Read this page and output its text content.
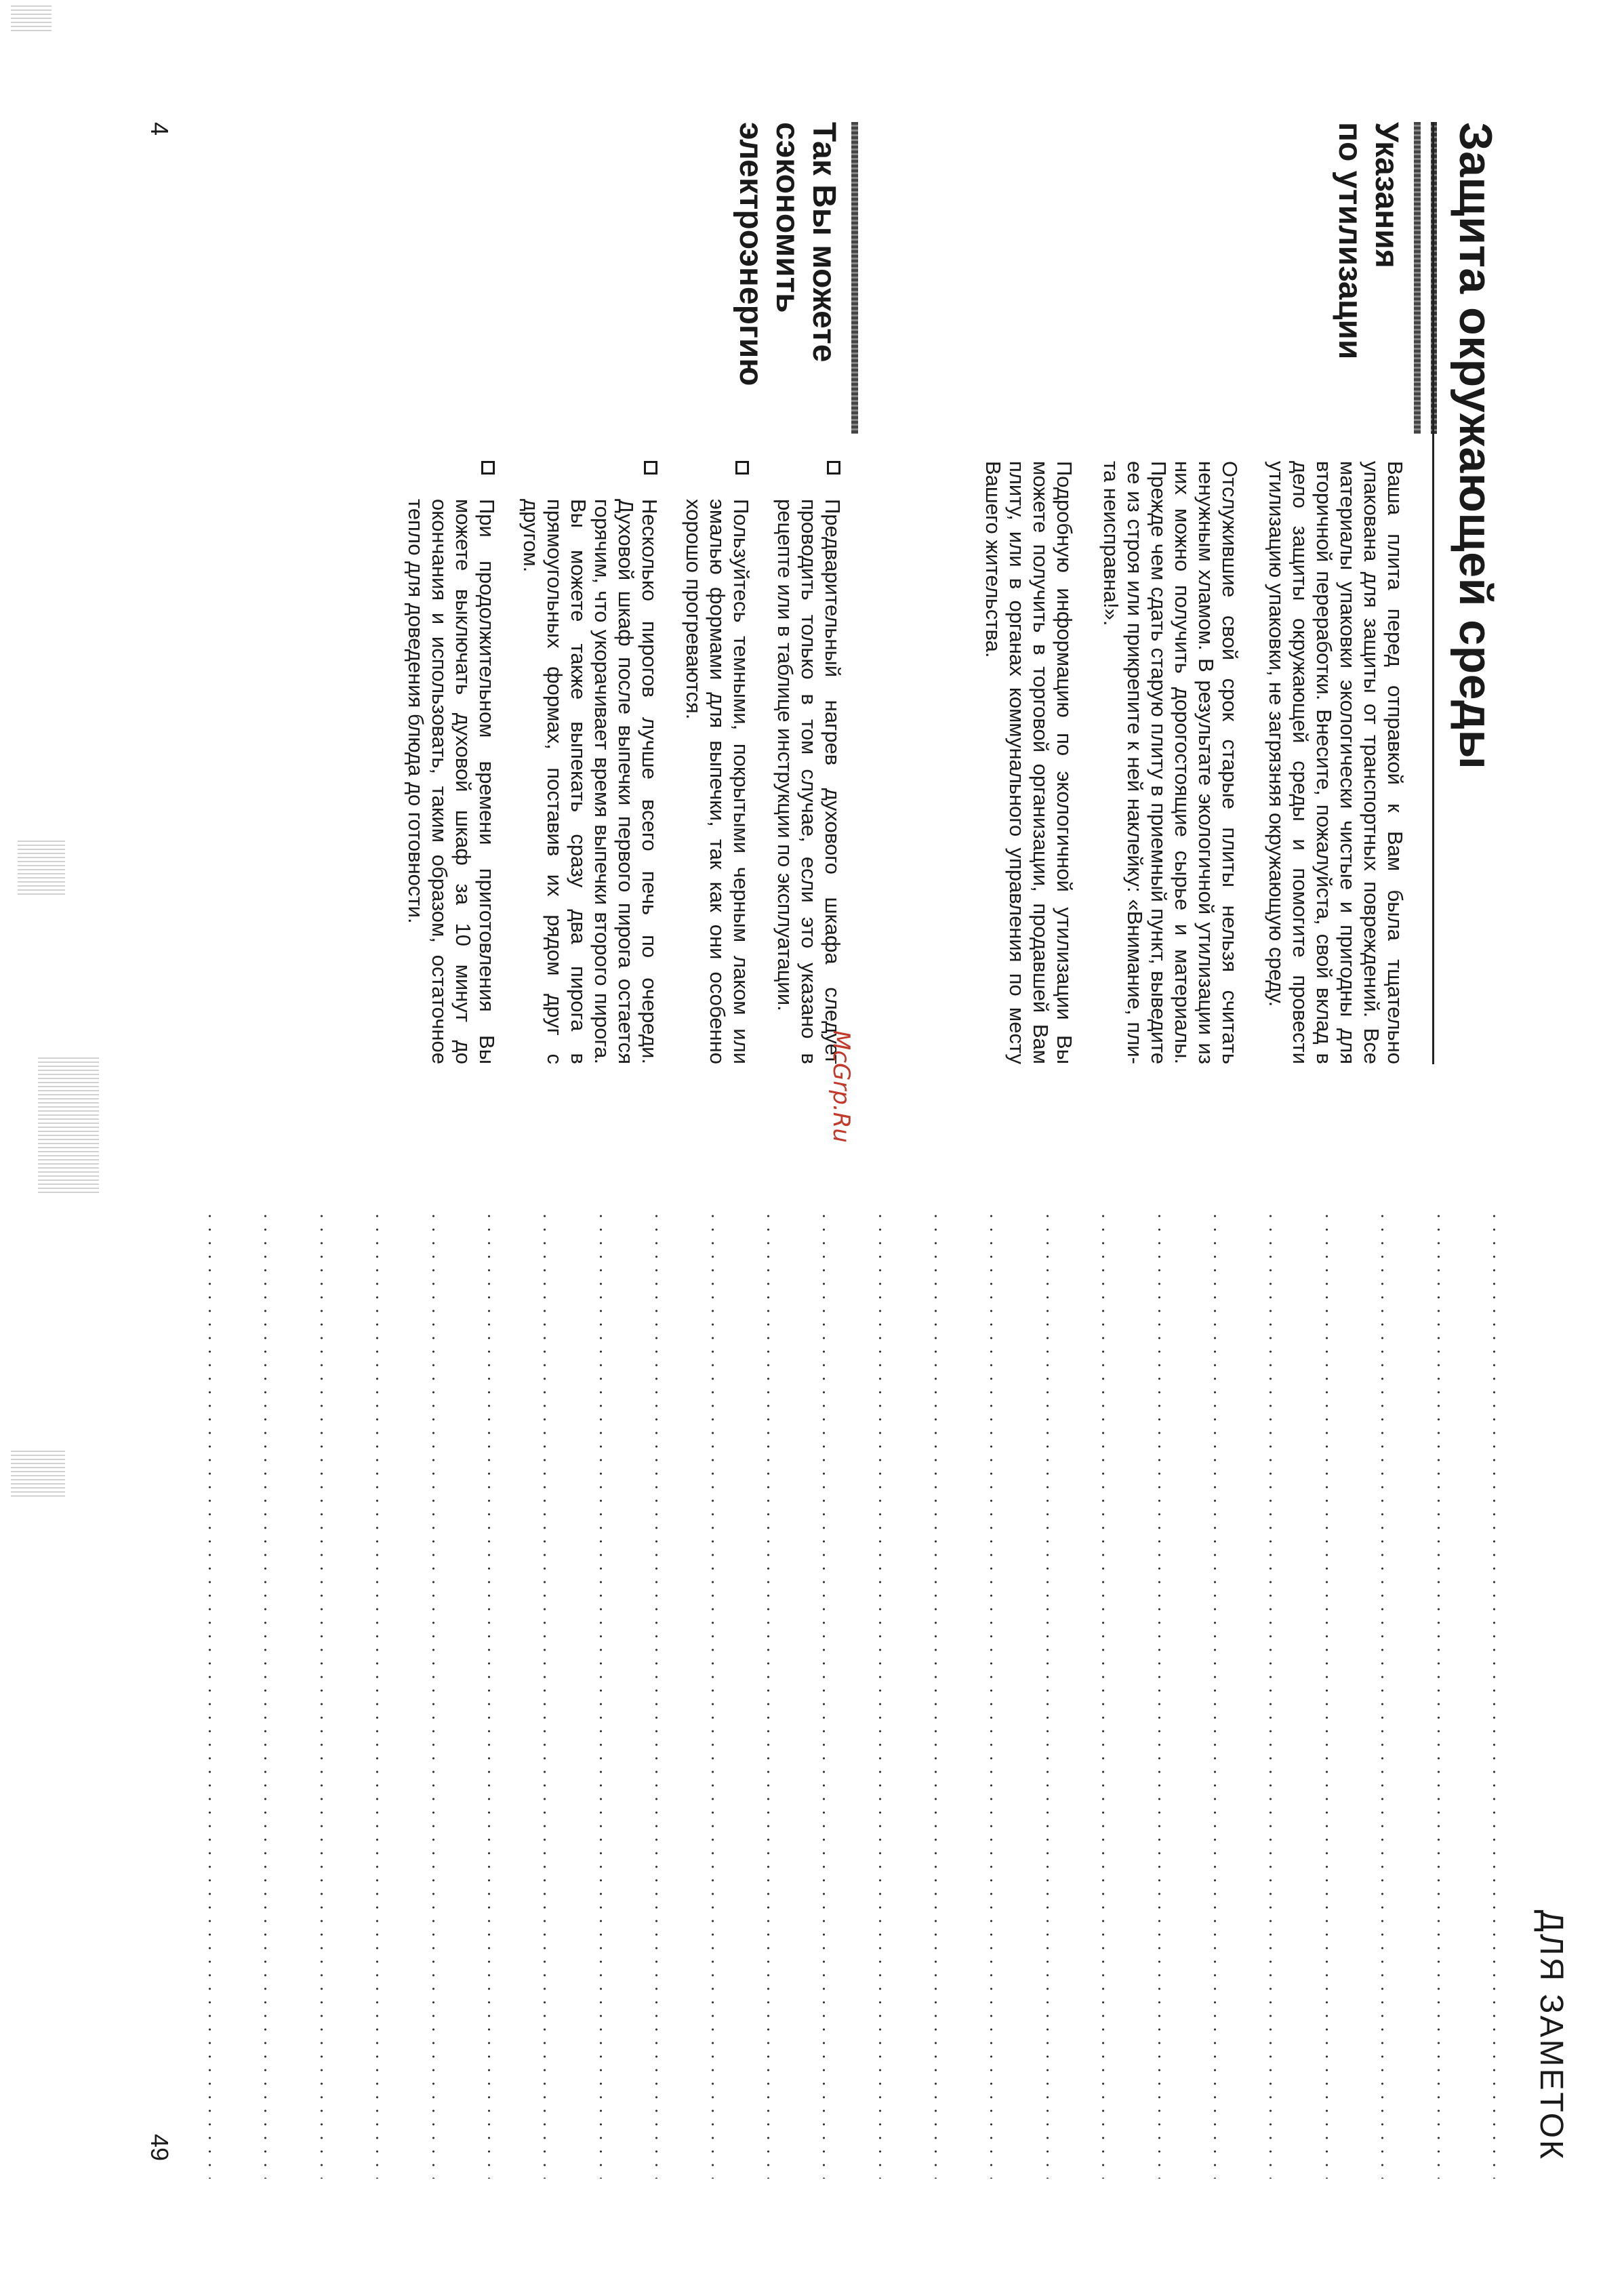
Защита окружающей среды
Указания
по утилизации

Ваша плита перед отправкой к Вам была тщательно упакована для защиты от транспортных повреждений. Все материалы упаковки экологически чистые и пригодны для вторичной переработки. Внесите, пожалуйста, свой вклад в дело защиты окружающей среды и помогите провести утилизацию упаковки, не загрязняя окружающую среду.

Отслужившие свой срок старые плиты нельзя считать ненужным хламом. В результате экологичной утилизации из них можно получить дорогостоящие сырье и материалы. Прежде чем сдать старую плиту в приемный пункт, выведите ее из строя или прикрепите к ней наклейку: «Внимание, плита неисправна!».

Подробную информацию по экологичной утилизации Вы можете получить в торговой организации, продавшей Вам плиту, или в органах коммунального управления по месту Вашего жительства.

Так Вы можете
сэкономить
электроэнергию
Предварительный нагрев духового шкафа следует проводить только в том случае, если это указано в рецепте или в таблице инструкции по эксплуатации.
Пользуйтесь темными, покрытыми черным лаком или эмалью формами для выпечки, так как они особенно хорошо прогреваются.
Несколько пирогов лучше всего печь по очереди. Духовой шкаф после выпечки первого пирога остается горячим, что укорачивает время выпечки второго пирога. Вы можете также выпекать сразу два пирога в прямоугольных формах, поставив их рядом друг с другом.
При продолжительном времени приготовления Вы можете выключать духовой шкаф за 10 минут до окончания и использовать, таким образом, остаточное тепло для доведения блюда до готовности.
4

McGrp.Ru

ДЛЯ ЗАМЕТОК
49
